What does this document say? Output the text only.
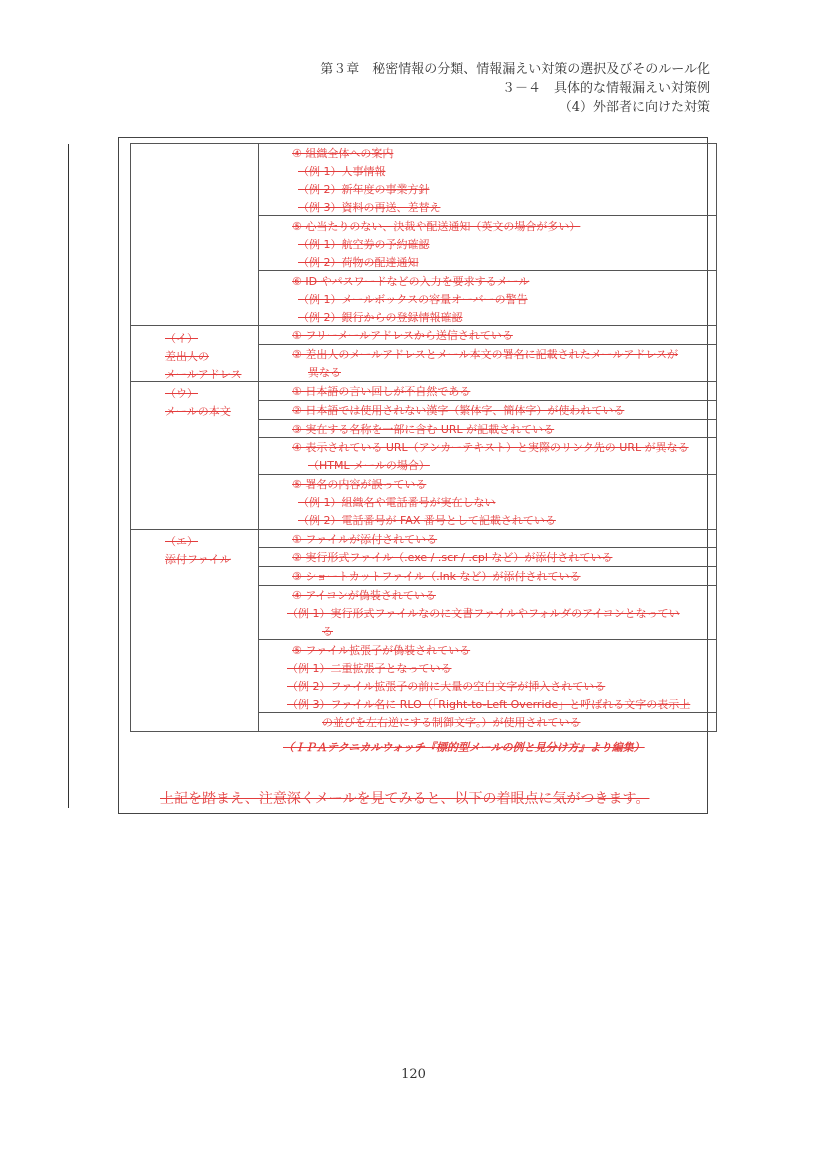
第３章　秘密情報の分類、情報漏えい対策の選択及びそのルール化
３－４　具体的な情報漏えい対策例
（4）外部者に向けた対策
（イ）
差出人の
メールアドレス
（ウ）
メールの本文
（エ）
添付ファイル
④ 組織全体への案内
（例 1）人事情報
（例 2）新年度の事業方針
（例 3）資料の再送、差替え
⑤ 心当たりのない、決裁や配送通知（英文の場合が多い）
（例 1）航空券の予約確認
（例 2）荷物の配達通知
⑥ ID やパスワードなどの入力を要求するメール
（例 1）メールボックスの容量オーバーの警告
（例 2）銀行からの登録情報確認
① フリーメールアドレスから送信されている
② 差出人のメールアドレスとメール本文の署名に記載されたメールアドレスが
異なる
① 日本語の言い回しが不自然である
② 日本語では使用されない漢字（繁体字、簡体字）が使われている
③ 実在する名称を一部に含む URL が記載されている
④ 表示されている URL（アンカーテキスト）と実際のリンク先の URL が異なる
（HTML メールの場合）
⑤ 署名の内容が誤っている
（例 1）組織名や電話番号が実在しない
（例 2）電話番号が FAX 番号として記載されている
① ファイルが添付されている
② 実行形式ファイル（.exe / .scr / .cpl など）が添付されている
③ ショートカットファイル（.lnk など）が添付されている
④ アイコンが偽装されている
（例 1）実行形式ファイルなのに文書ファイルやフォルダのアイコンとなってい
る
⑤ ファイル拡張子が偽装されている
（例 1）二重拡張子となっている
（例 2）ファイル拡張子の前に大量の空白文字が挿入されている
（例 3）ファイル名に RLO（「Right-to-Left Override」と呼ばれる文字の表示上
の並びを左右逆にする制御文字。）が使用されている
（ＩＰＡテクニカルウォッチ『標的型メールの例と見分け方』より編集）
上記を踏まえ、注意深くメールを見てみると、以下の着眼点に気がつきます。
120
